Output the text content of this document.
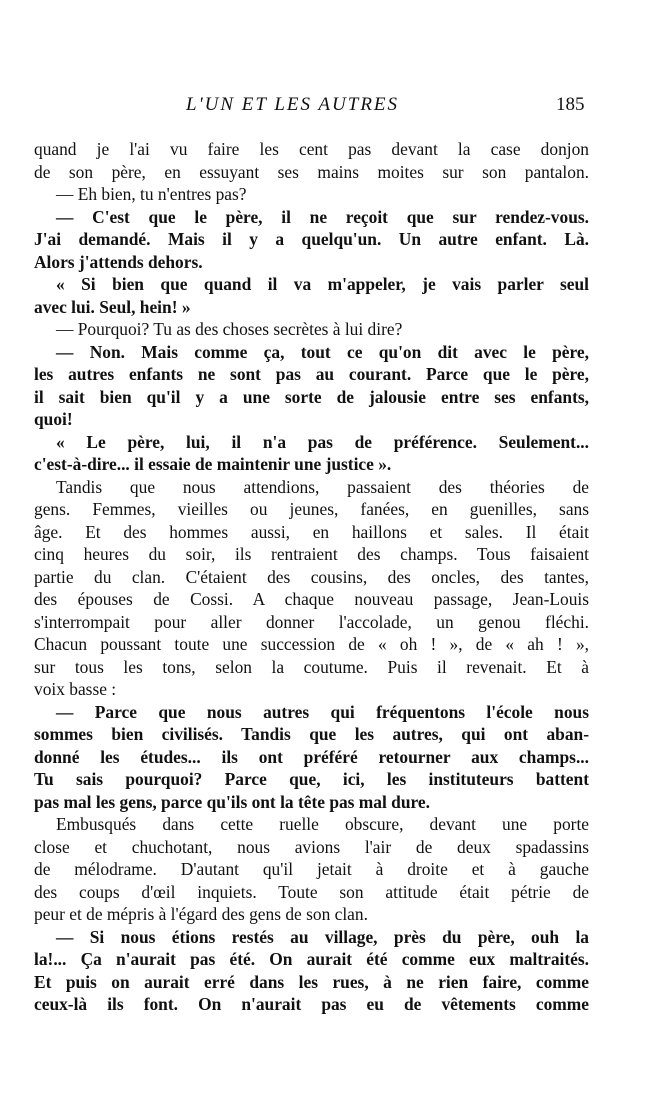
L'UN ET LES AUTRES	185
quand je l'ai vu faire les cent pas devant la case donjon
de son père, en essuyant ses mains moites sur son pantalon.
— Eh bien, tu n'entres pas?
— C'est que le père, il ne reçoit que sur rendez-vous.
J'ai demandé. Mais il y a quelqu'un. Un autre enfant. Là.
Alors j'attends dehors.
« Si bien que quand il va m'appeler, je vais parler seul
avec lui. Seul, hein! »
— Pourquoi? Tu as des choses secrètes à lui dire?
— Non. Mais comme ça, tout ce qu'on dit avec le père,
les autres enfants ne sont pas au courant. Parce que le père,
il sait bien qu'il y a une sorte de jalousie entre ses enfants,
quoi!
« Le père, lui, il n'a pas de préférence. Seulement...
c'est-à-dire... il essaie de maintenir une justice ».
Tandis que nous attendions, passaient des théories de
gens. Femmes, vieilles ou jeunes, fanées, en guenilles, sans
âge. Et des hommes aussi, en haillons et sales. Il était
cinq heures du soir, ils rentraient des champs. Tous faisaient
partie du clan. C'étaient des cousins, des oncles, des tantes,
des épouses de Cossi. A chaque nouveau passage, Jean-Louis
s'interrompait pour aller donner l'accolade, un genou fléchi.
Chacun poussant toute une succession de « oh ! », de « ah ! »,
sur tous les tons, selon la coutume. Puis il revenait. Et à
voix basse :
— Parce que nous autres qui fréquentons l'école nous
sommes bien civilisés. Tandis que les autres, qui ont aban-
donné les études... ils ont préféré retourner aux champs...
Tu sais pourquoi? Parce que, ici, les instituteurs battent
pas mal les gens, parce qu'ils ont la tête pas mal dure.
Embusqués dans cette ruelle obscure, devant une porte
close et chuchotant, nous avions l'air de deux spadassins
de mélodrame. D'autant qu'il jetait à droite et à gauche
des coups d'œil inquiets. Toute son attitude était pétrie de
peur et de mépris à l'égard des gens de son clan.
— Si nous étions restés au village, près du père, ouh la
la!... Ça n'aurait pas été. On aurait été comme eux maltraités.
Et puis on aurait erré dans les rues, à ne rien faire, comme
ceux-là ils font. On n'aurait pas eu de vêtements comme
